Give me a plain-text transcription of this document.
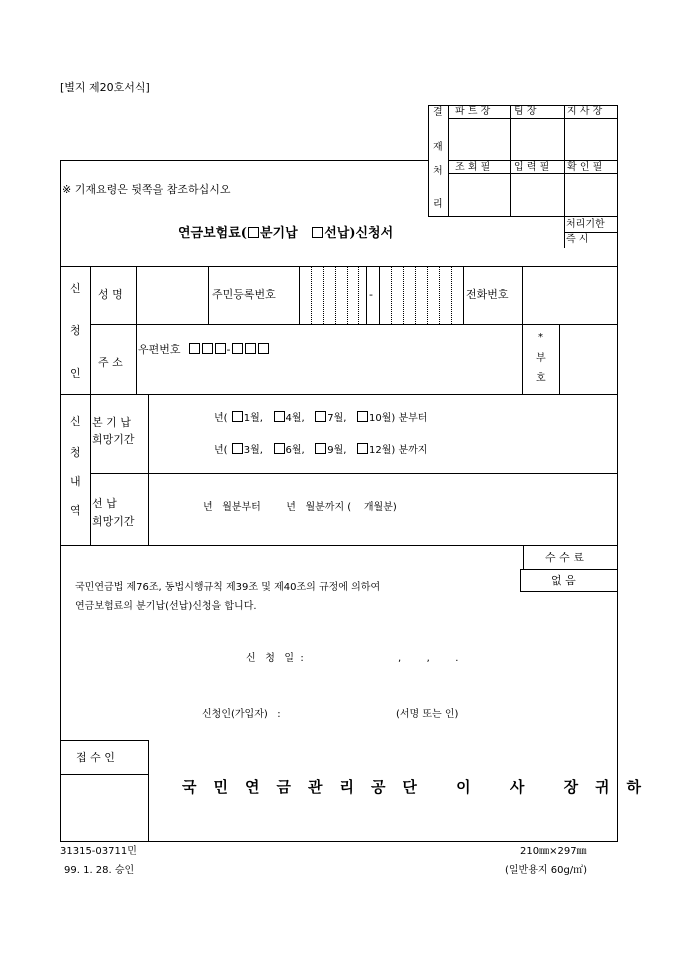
[별지 제20호서식]
결
재
처
리
파 트 장 팀 장	지 사 장
조 회 필 입 력 필 확 인 필
처리기한
즉 시
※ 기재요령은 뒷쪽을 참조하십시오
연금보험료( 분기납 선납)신청서
신
청
인
성 명	주민등록번호	-	전화번호
주 소
우편번호	-
*
부
호
신
청
내
역
본 기 납
희망기간
년( 1월, 4월, 7월, 10월) 분부터
년( 3월, 6월, 9월, 12월) 분까지
선 납
희망기간
년   월분부터        년   월분까지 (    개월분)
수 수 료
없 음
국민연금법 제76조, 동법시행규칙 제39조 및 제40조의 규정에 의하여
연금보험료의 분기납(선납)신청을 합니다.
신   청   일  :	,        ,        .
신청인(가입자)   :	(서명 또는 인)
접 수 인
국민연금관리공단 이 사 장귀하
31315-03711민
99. 1. 28. 승인
210㎜×297㎜
(일반용지 60g/㎡)
